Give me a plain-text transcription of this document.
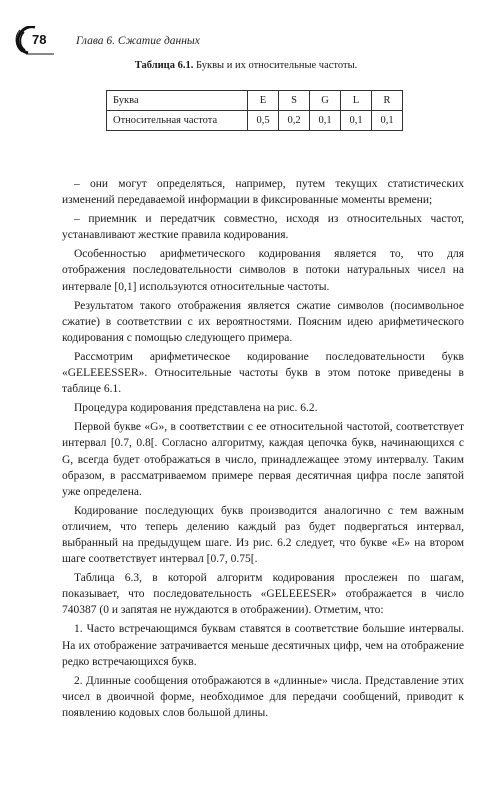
78	Глава 6. Сжатие данных
Таблица 6.1. Буквы и их относительные частоты.
Буква	E	S	G	L	R
Относительная частота	0,5	0,2	0,1	0,1	0,1

– они могут определяться, например, путем текущих статистических изменений передаваемой информации в фиксированные моменты времени;

– приемник и передатчик совместно, исходя из относительных частот, устанавливают жесткие правила кодирования.

Особенностью арифметического кодирования является то, что для отображения последовательности символов в потоки натуральных чисел на интервале [0,1] используются относительные частоты.

Результатом такого отображения является сжатие символов (посимвольное сжатие) в соответствии с их вероятностями. Поясним идею арифметического кодирования с помощью следующего примера.

Рассмотрим арифметическое кодирование последовательности букв «GELEEESSER». Относительные частоты букв в этом потоке приведены в таблице 6.1.

Процедура кодирования представлена на рис. 6.2.

Первой букве «G», в соответствии с ее относительной частотой, соответствует интервал [0.7, 0.8[. Согласно алгоритму, каждая цепочка букв, начинающихся с G, всегда будет отображаться в число, принадлежащее этому интервалу. Таким образом, в рассматриваемом примере первая десятичная цифра после запятой уже определена.

Кодирование последующих букв производится аналогично с тем важным отличием, что теперь делению каждый раз будет подвергаться интервал, выбранный на предыдущем шаге. Из рис. 6.2 следует, что букве «E» на втором шаге соответствует интервал [0.7, 0.75[.

Таблица 6.3, в которой алгоритм кодирования прослежен по шагам, показывает, что последовательность «GELEEESER» отображается в число 740387 (0 и запятая не нуждаются в отображении). Отметим, что:

1. Часто встречающимся буквам ставятся в соответствие большие интервалы. На их отображение затрачивается меньше десятичных цифр, чем на отображение редко встречающихся букв.

2. Длинные сообщения отображаются в «длинные» числа. Представление этих чисел в двоичной форме, необходимое для передачи сообщений, приводит к появлению кодовых слов большой длины.
